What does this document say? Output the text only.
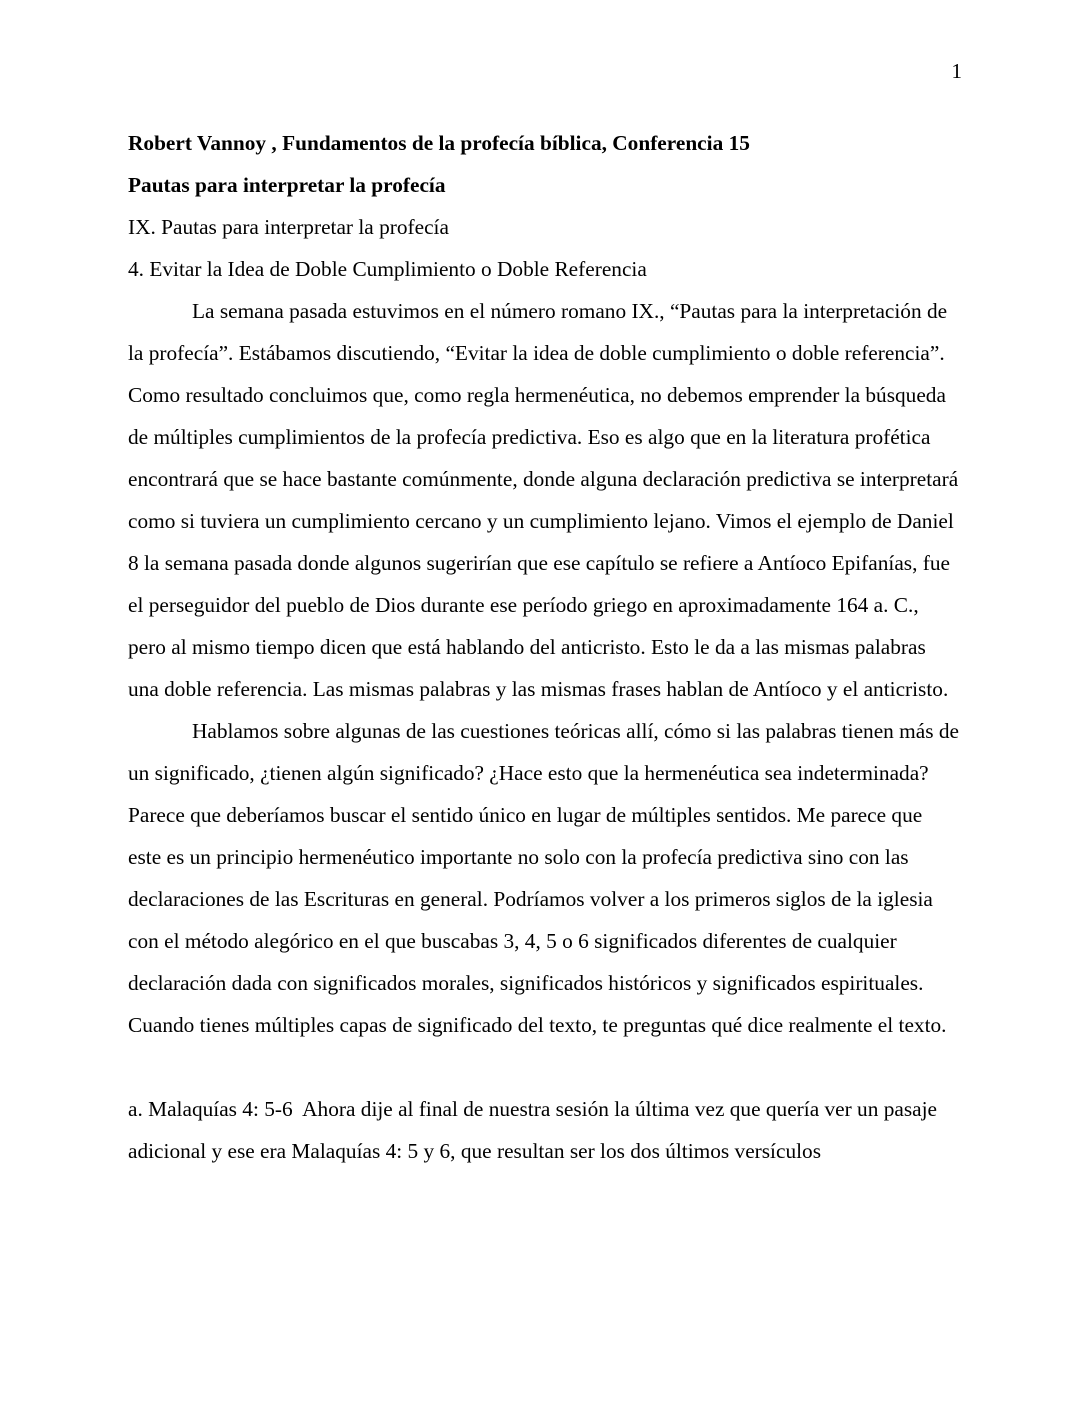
1
Robert Vannoy , Fundamentos de la profecía bíblica, Conferencia 15
Pautas para interpretar la profecía
IX. Pautas para interpretar la profecía
4. Evitar la Idea de Doble Cumplimiento o Doble Referencia

La semana pasada estuvimos en el número romano IX., “Pautas para la interpretación de la profecía”. Estábamos discutiendo, “Evitar la idea de doble cumplimiento o doble referencia”. Como resultado concluimos que, como regla hermenéutica, no debemos emprender la búsqueda de múltiples cumplimientos de la profecía predictiva. Eso es algo que en la literatura profética encontrará que se hace bastante comúnmente, donde alguna declaración predictiva se interpretará como si tuviera un cumplimiento cercano y un cumplimiento lejano. Vimos el ejemplo de Daniel 8 la semana pasada donde algunos sugerirían que ese capítulo se refiere a Antíoco Epifanías, fue el perseguidor del pueblo de Dios durante ese período griego en aproximadamente 164 a. C., pero al mismo tiempo dicen que está hablando del anticristo. Esto le da a las mismas palabras una doble referencia. Las mismas palabras y las mismas frases hablan de Antíoco y el anticristo.

Hablamos sobre algunas de las cuestiones teóricas allí, cómo si las palabras tienen más de un significado, ¿tienen algún significado? ¿Hace esto que la hermenéutica sea indeterminada? Parece que deberíamos buscar el sentido único en lugar de múltiples sentidos. Me parece que este es un principio hermenéutico importante no solo con la profecía predictiva sino con las declaraciones de las Escrituras en general. Podríamos volver a los primeros siglos de la iglesia con el método alegórico en el que buscabas 3, 4, 5 o 6 significados diferentes de cualquier declaración dada con significados morales, significados históricos y significados espirituales. Cuando tienes múltiples capas de significado del texto, te preguntas qué dice realmente el texto.

a. Malaquías 4: 5-6  Ahora dije al final de nuestra sesión la última vez que quería ver un pasaje adicional y ese era Malaquías 4: 5 y 6, que resultan ser los dos últimos versículos
